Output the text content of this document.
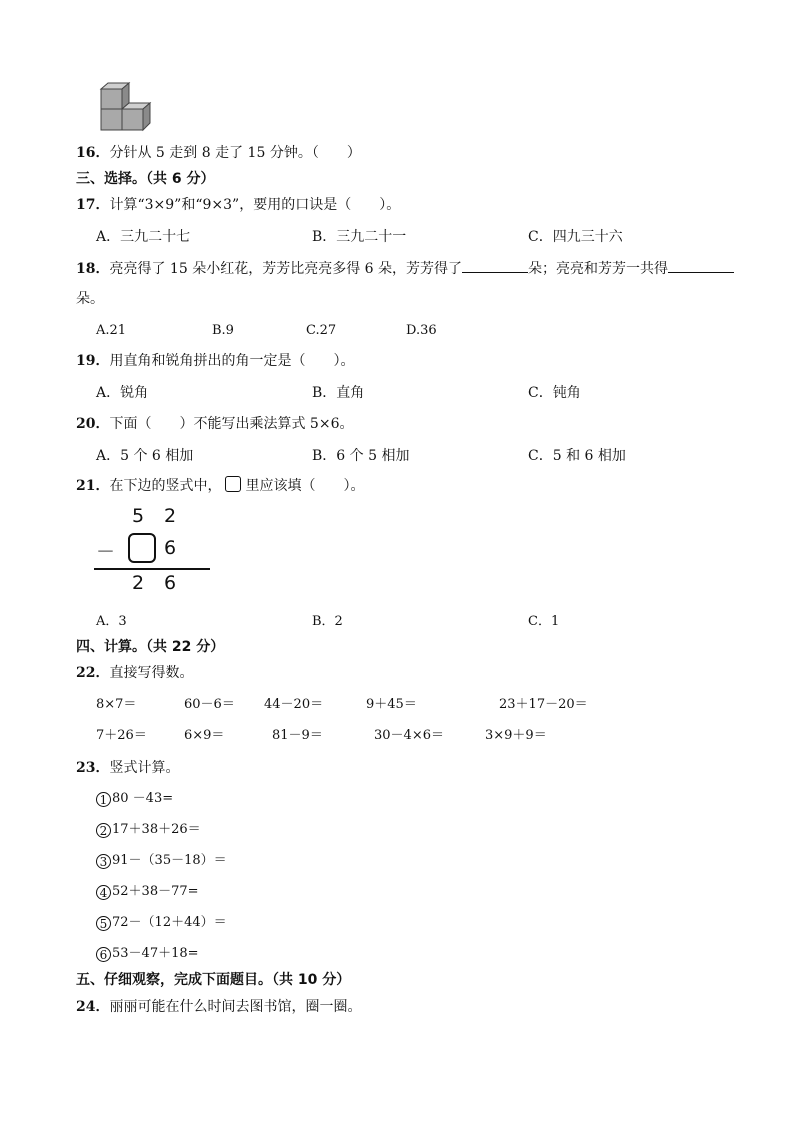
16．分针从 5 走到 8 走了 15 分钟。（　　）
三、选择。（共 6 分）
17．计算“3×9”和“9×3”，要用的口诀是（　　）。
A．三九二十七	B．三九二十一	C．四九三十六
18．亮亮得了 15 朵小红花，芳芳比亮亮多得 6 朵，芳芳得了	朵；亮亮和芳芳一共得
朵。
A.21	B.9	C.27	D.36
19．用直角和锐角拼出的角一定是（　　）。
A．锐角	B．直角	C．钝角
20．下面（　　）不能写出乘法算式 5×6。
A．5 个 6 相加	B．6 个 5 相加	C．5 和 6 相加
21．在下边的竖式中， 里应该填（　　）。
5 2
－	6
2 6
A．3	B．2	C．1
四、计算。（共 22 分）
22．直接写得数。
8×7＝	60－6＝ 44－20＝	9＋45＝	23＋17－20＝
7＋26＝	6×9＝	81－9＝	30－4×6＝	3×9＋9＝
23．竖式计算。
1 80 －43=
2 17＋38＋26＝
3 91－（35－18）＝
4 52＋38－77=
5 72－（12＋44）＝
6 53－47＋18=
五、仔细观察，完成下面题目。（共 10 分）
24．丽丽可能在什么时间去图书馆，圈一圈。
